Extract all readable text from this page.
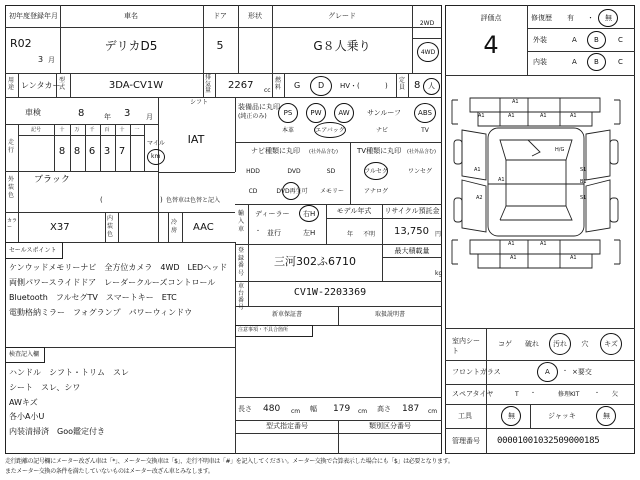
初年度登録年月
R02
3 月
車名
デリカD5
ドア
5
形状	グレード
G８人乗り
2WD
4WD
用途 レンタカー
型式	3DA-CV1W
排気量 2267 cc
燃料 G D HV・(	)
定員 8 人
車検	8	年 3 月
シフト
IAT
走行
記号	十 万 千 百 十 一
8 8 6 3 7
マイル
km
外装色
ブラック
(	) 色替車は色替と記入
カラー	X37
内装色
冷房 AAC
セールスポイント
ケンウッドメモリーナビ　全方位カメラ　4WD　LEDヘッド
両側パワースライドドア　レーダークルーズコントロール
Bluetooth　フルセグTV　スマートキー　ETC
電動格納ミラー　フォグランプ　パワーウィンドウ
検査記入欄
ハンドル　シフト・トリム　スレ
シート　スレ、シワ
AWキズ
各小A小U
内装清掃済　Goo鑑定付き
装備品に丸印
(純正のみ) PS	PW AW サンルーフ ABS
本革	エアバック	ナビ	TV
ナビ種類に丸印 (社外品含む)
HDD	DVD	SD
CD	DVD再生可 メモリー
TV種類に丸印 (社外品含む)
フルセグ	ワンセグ
アナログ
輸入車
ディーラー 右H
・ 並行	左H
モデル年式
年 不明
リサイクル預託金
13,750 円
登録番号
三河302ふ6710
最大積載量
kg
車台番号
CV1W-2203369
新車保証書	取扱説明書
注意事項・不具合箇所
長さ 480 cm 幅 179 cm 高さ 187 cm
型式指定番号	類別区分番号
評価点
4
修復歴 有 ・ 無
外装	A B	C
内装	A B	C
A1
A1	A1	A1	A1
H/G
A1
A2
A1
S1
B1
S1
A1	A1
A1	A1
室内シート
コゲ 破れ 汚れ 穴 キズ
フロントガラス	A ・ ×要交
スペアタイヤ	T ・	修理KIT ・ 欠
工具	無	ジャッキ	無
管理番号 00001001032509000185
走行距離の記号欄にメーター改ざん車は「*」、メーター交換車は「$」、走行不明車は「#」を記入してください。メーター交換で合算表示した場合にも「$」は必要となります。
またメーター交換の条件を満たしていないものはメーター改ざん車とみなします。
